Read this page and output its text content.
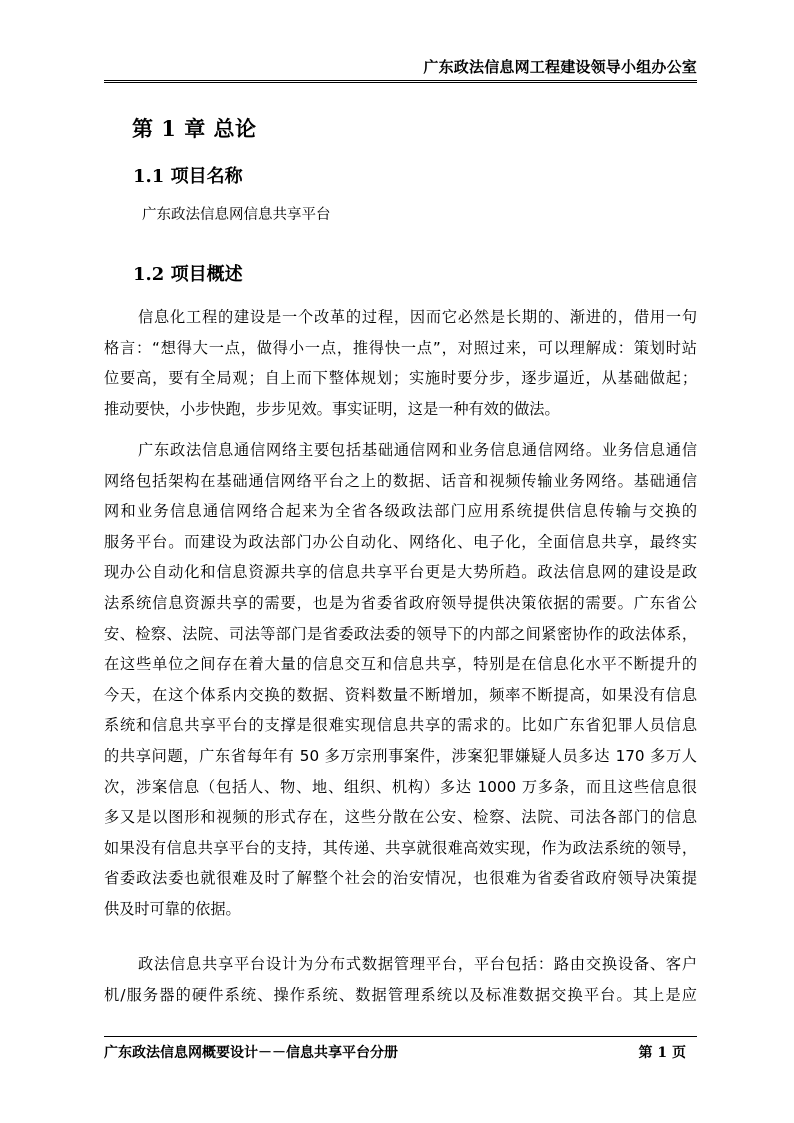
广东政法信息网工程建设领导小组办公室
第 1 章 总论
1.1 项目名称
广东政法信息网信息共享平台
1.2 项目概述
信息化工程的建设是一个改革的过程，因而它必然是长期的、渐进的，借用一句
格言：“想得大一点，做得小一点，推得快一点”，对照过来，可以理解成：策划时站
位要高，要有全局观；自上而下整体规划；实施时要分步，逐步逼近，从基础做起；
推动要快，小步快跑，步步见效。事实证明，这是一种有效的做法。
广东政法信息通信网络主要包括基础通信网和业务信息通信网络。业务信息通信
网络包括架构在基础通信网络平台之上的数据、话音和视频传输业务网络。基础通信
网和业务信息通信网络合起来为全省各级政法部门应用系统提供信息传输与交换的
服务平台。而建设为政法部门办公自动化、网络化、电子化，全面信息共享，最终实
现办公自动化和信息资源共享的信息共享平台更是大势所趋。政法信息网的建设是政
法系统信息资源共享的需要，也是为省委省政府领导提供决策依据的需要。广东省公
安、检察、法院、司法等部门是省委政法委的领导下的内部之间紧密协作的政法体系，
在这些单位之间存在着大量的信息交互和信息共享，特别是在信息化水平不断提升的
今天，在这个体系内交换的数据、资料数量不断增加，频率不断提高，如果没有信息
系统和信息共享平台的支撑是很难实现信息共享的需求的。比如广东省犯罪人员信息
的共享问题，广东省每年有 50 多万宗刑事案件，涉案犯罪嫌疑人员多达 170 多万人
次，涉案信息（包括人、物、地、组织、机构）多达 1000 万多条，而且这些信息很
多又是以图形和视频的形式存在，这些分散在公安、检察、法院、司法各部门的信息
如果没有信息共享平台的支持，其传递、共享就很难高效实现，作为政法系统的领导，
省委政法委也就很难及时了解整个社会的治安情况，也很难为省委省政府领导决策提
供及时可靠的依据。
政法信息共享平台设计为分布式数据管理平台，平台包括：路由交换设备、客户
机/服务器的硬件系统、操作系统、数据管理系统以及标准数据交换平台。其上是应
广东政法信息网概要设计－－信息共享平台分册	第 1 页
